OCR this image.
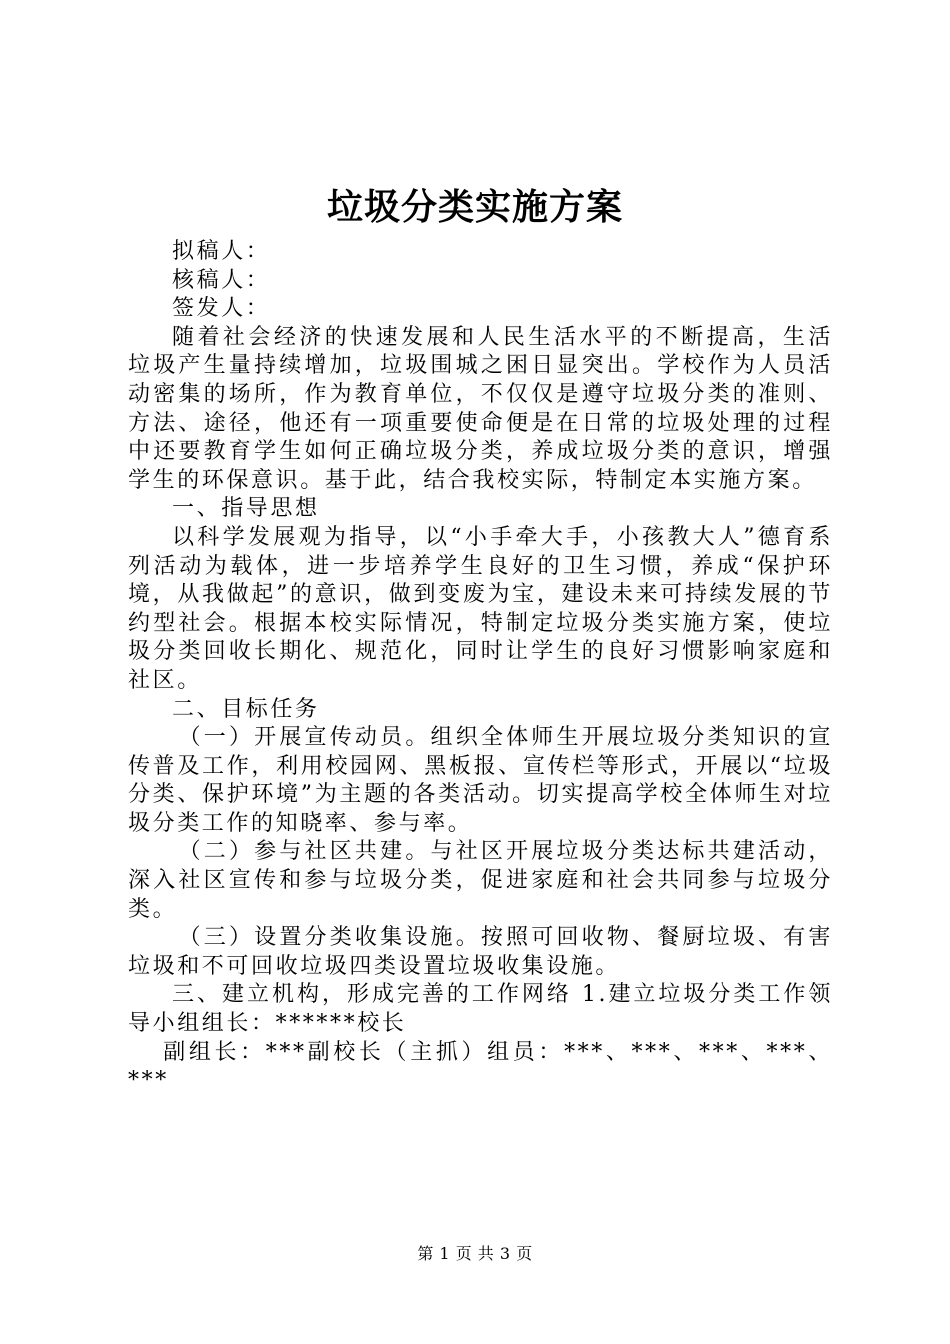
垃圾分类实施方案

拟稿人：

核稿人：

签发人：

随着社会经济的快速发展和人民生活水平的不断提高，生活垃圾产生量持续增加，垃圾围城之困日显突出。学校作为人员活动密集的场所，作为教育单位，不仅仅是遵守垃圾分类的准则、方法、途径，他还有一项重要使命便是在日常的垃圾处理的过程中还要教育学生如何正确垃圾分类，养成垃圾分类的意识，增强学生的环保意识。基于此，结合我校实际，特制定本实施方案。

一、指导思想

以科学发展观为指导，以“小手牵大手，小孩教大人”德育系列活动为载体，进一步培养学生良好的卫生习惯，养成“保护环境，从我做起”的意识，做到变废为宝，建设未来可持续发展的节约型社会。根据本校实际情况，特制定垃圾分类实施方案，使垃圾分类回收长期化、规范化，同时让学生的良好习惯影响家庭和社区。

二、目标任务

（一）开展宣传动员。组织全体师生开展垃圾分类知识的宣传普及工作，利用校园网、黑板报、宣传栏等形式，开展以“垃圾分类、保护环境”为主题的各类活动。切实提高学校全体师生对垃圾分类工作的知晓率、参与率。

（二）参与社区共建。与社区开展垃圾分类达标共建活动，深入社区宣传和参与垃圾分类，促进家庭和社会共同参与垃圾分类。

（三）设置分类收集设施。按照可回收物、餐厨垃圾、有害垃圾和不可回收垃圾四类设置垃圾收集设施。

三、建立机构，形成完善的工作网络 1.建立垃圾分类工作领导小组组长：******校长

副组长：***副校长（主抓）组员：***、***、***、***、***

第 1 页 共 3 页
